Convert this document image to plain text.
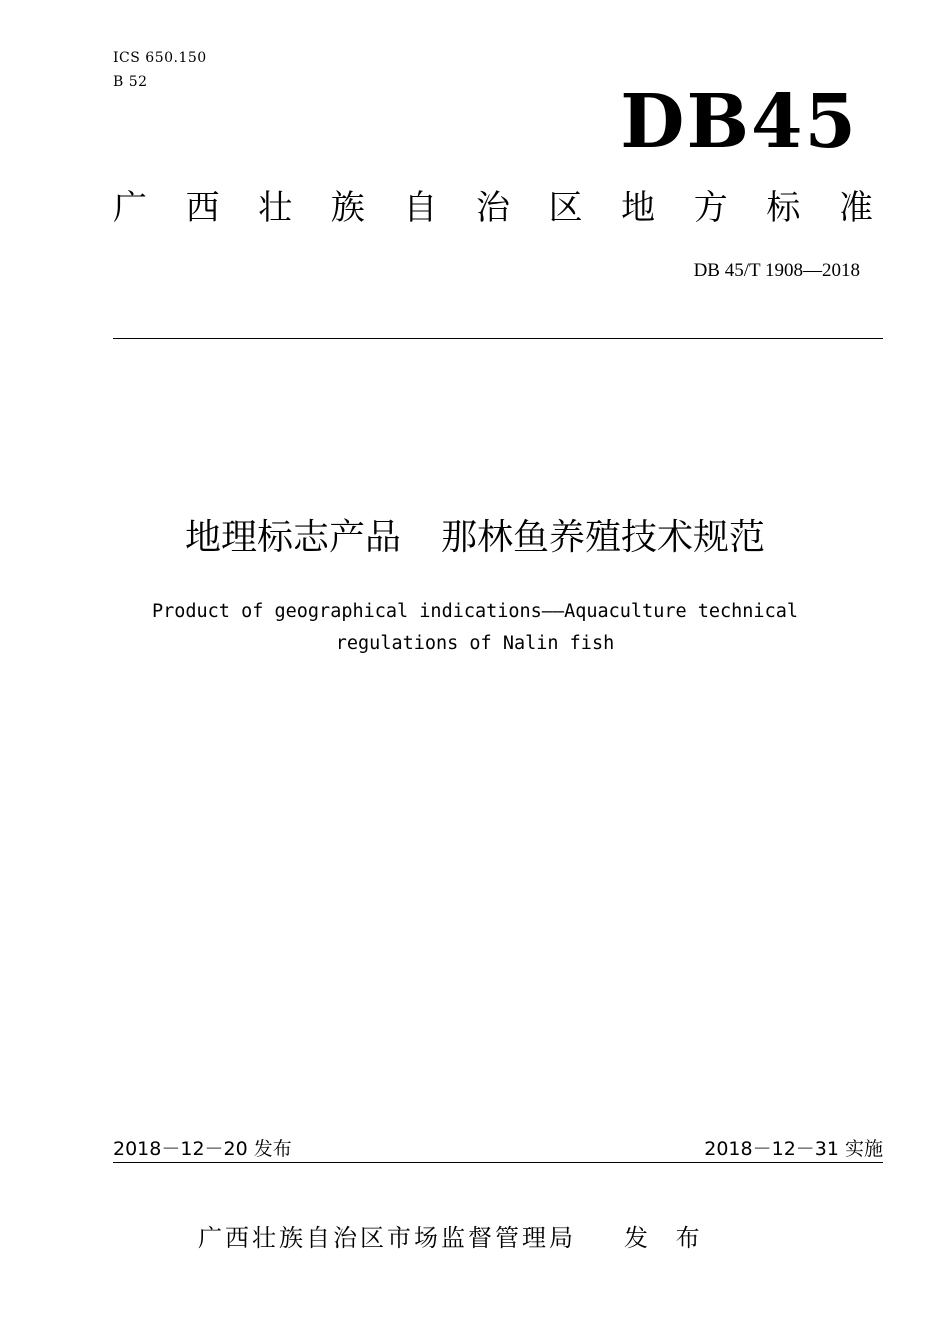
ICS 650.150
B 52	DB45
广 西 壮 族 自 治 区 地 方 标 准
DB 45/T 1908—2018
地理标志产品 那林鱼养殖技术规范
Product of geographical indications——Aquaculture technical
regulations of Nalin fish
2018－12－20 发布	2018－12－31 实施
广西壮族自治区市场监督管理局 发 布
